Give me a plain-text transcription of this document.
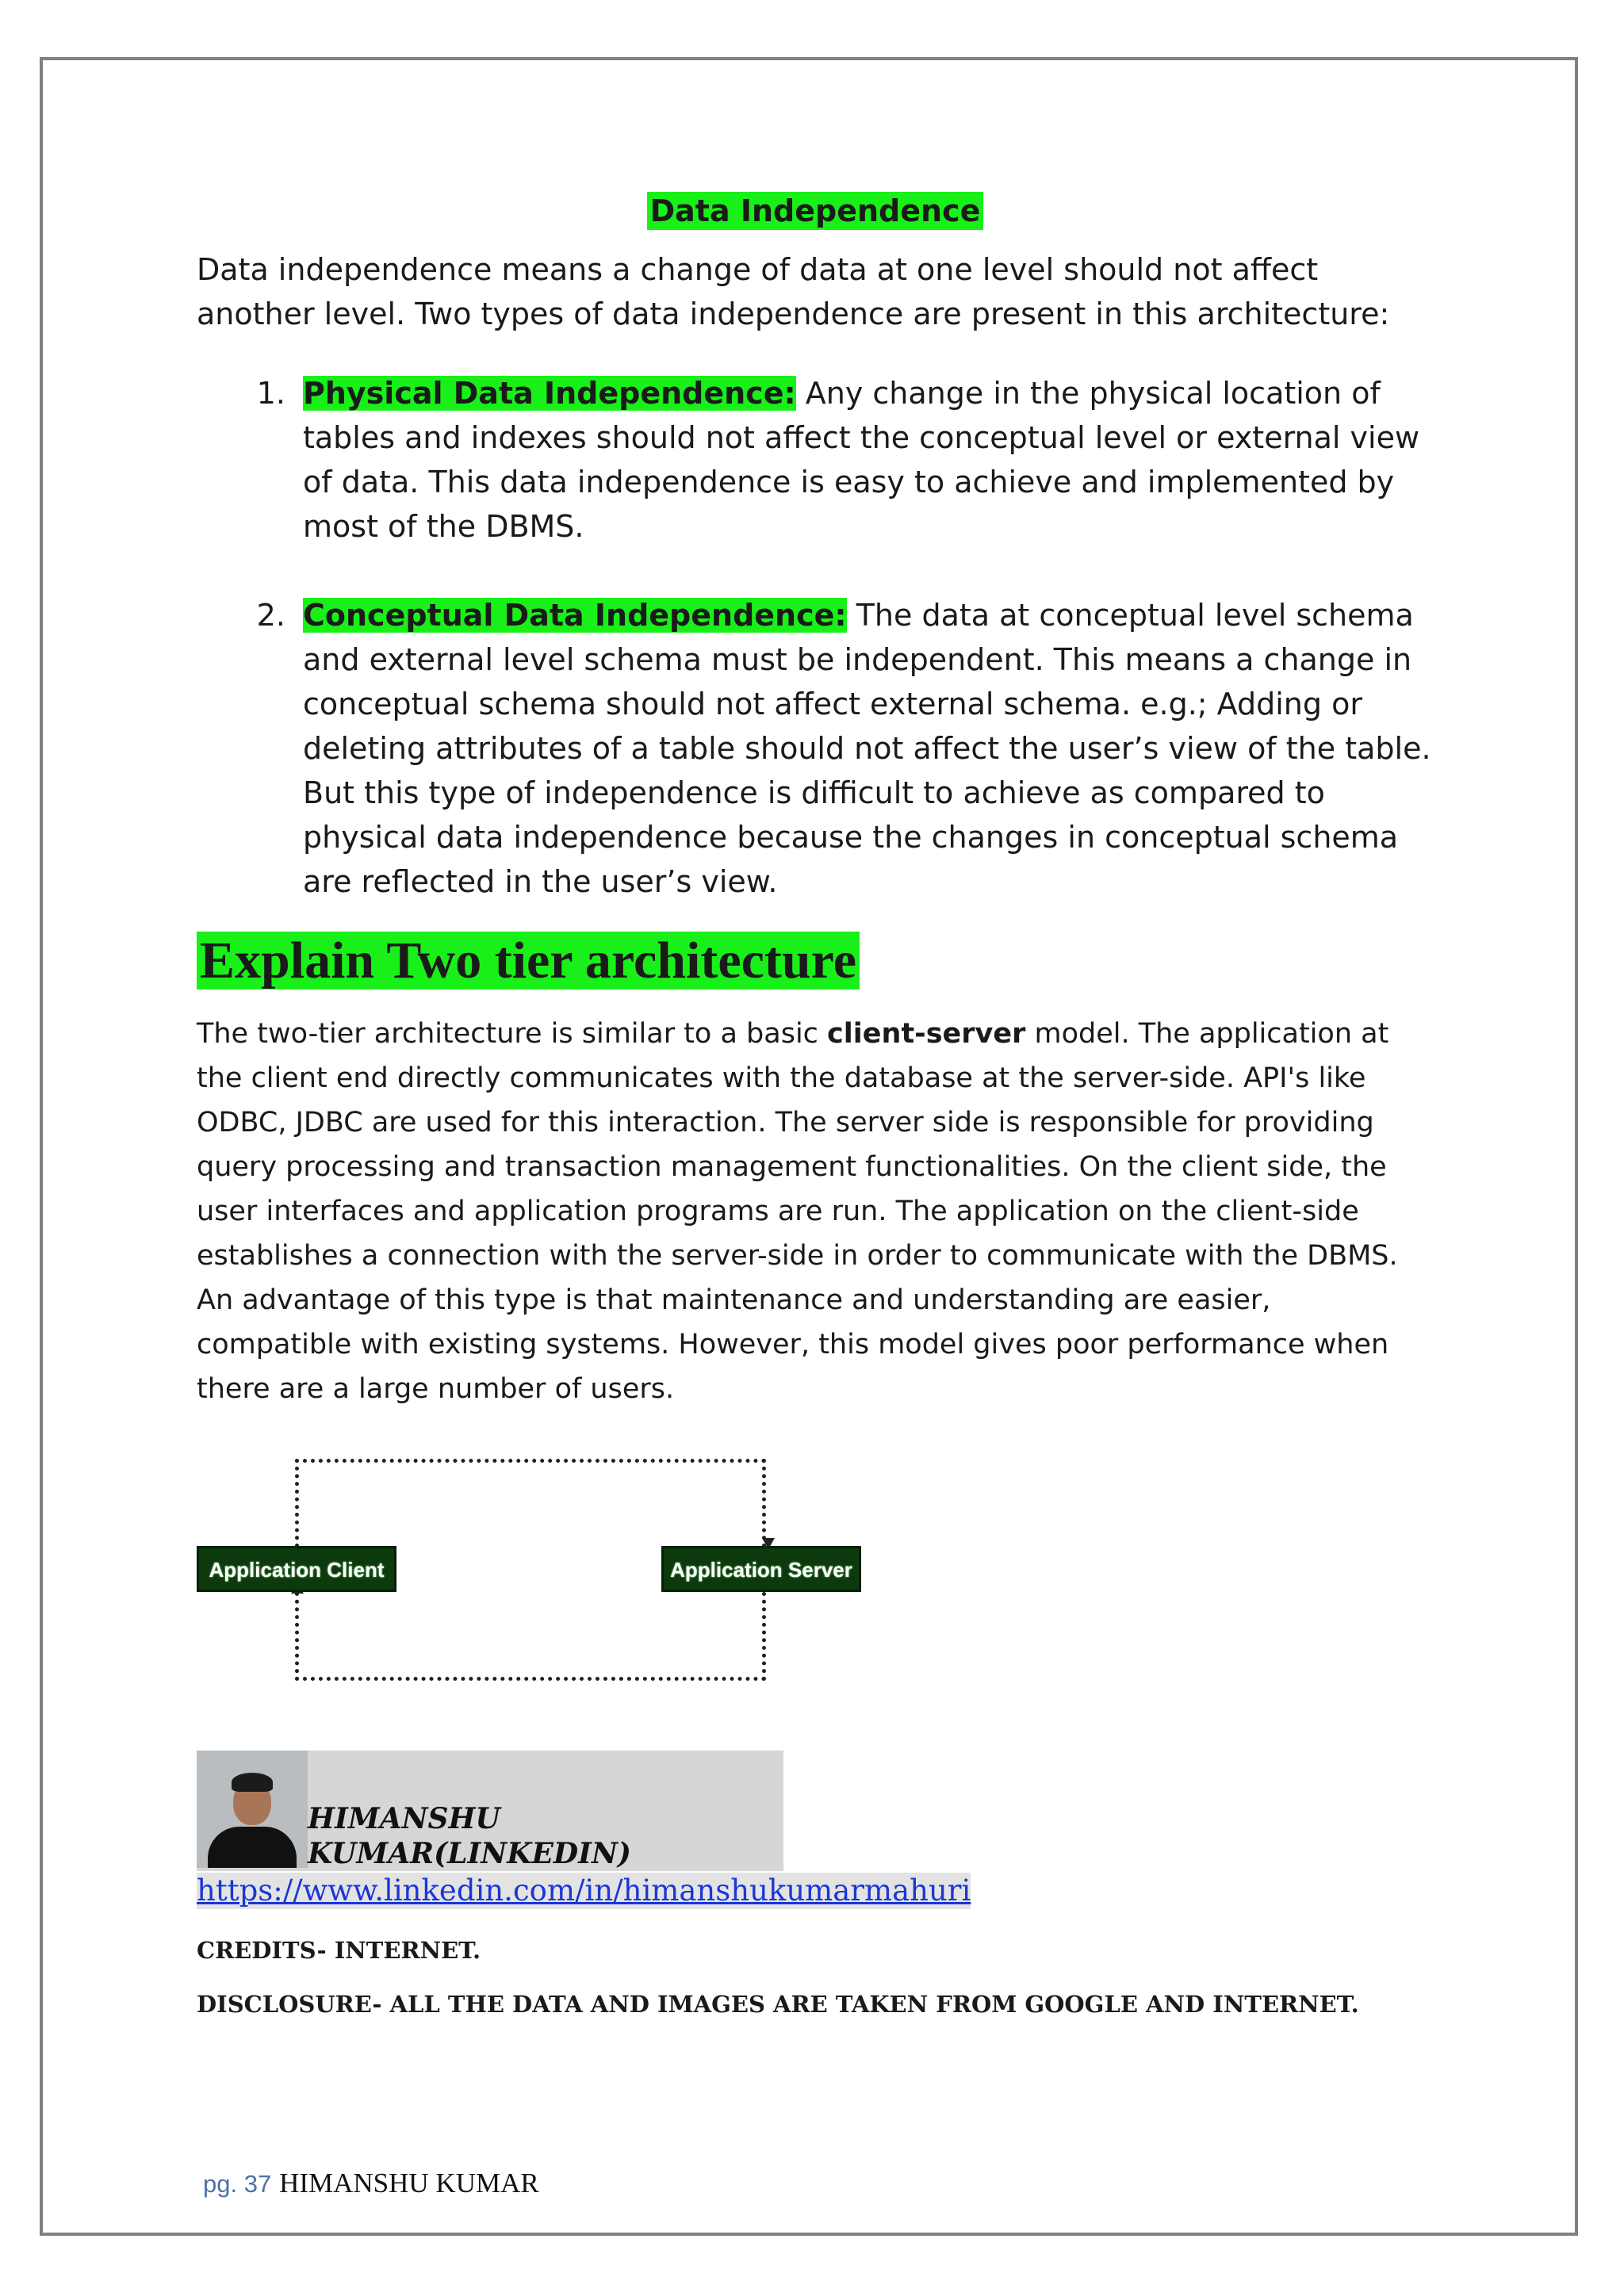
Data Independence

Data independence means a change of data at one level should not affect another level. Two types of data independence are present in this architecture:

1. Physical Data Independence: Any change in the physical location of tables and indexes should not affect the conceptual level or external view of data. This data independence is easy to achieve and implemented by most of the DBMS.
2. Conceptual Data Independence: The data at conceptual level schema and external level schema must be independent. This means a change in conceptual schema should not affect external schema. e.g.; Adding or deleting attributes of a table should not affect the user’s view of the table. But this type of independence is difficult to achieve as compared to physical data independence because the changes in conceptual schema are reflected in the user’s view.
Explain Two tier architecture

The two-tier architecture is similar to a basic client-server model. The application at the client end directly communicates with the database at the server-side. API's like ODBC, JDBC are used for this interaction. The server side is responsible for providing query processing and transaction management functionalities. On the client side, the user interfaces and application programs are run. The application on the client-side establishes a connection with the server-side in order to communicate with the DBMS.

An advantage of this type is that maintenance and understanding are easier, compatible with existing systems. However, this model gives poor performance when there are a large number of users.

Application Client	Application Server
HIMANSHU KUMAR(LINKEDIN)
https://www.linkedin.com/in/himanshukumarmahuri

CREDITS- INTERNET.

DISCLOSURE- ALL THE DATA AND IMAGES ARE TAKEN FROM GOOGLE AND INTERNET.

pg. 37 HIMANSHU KUMAR
